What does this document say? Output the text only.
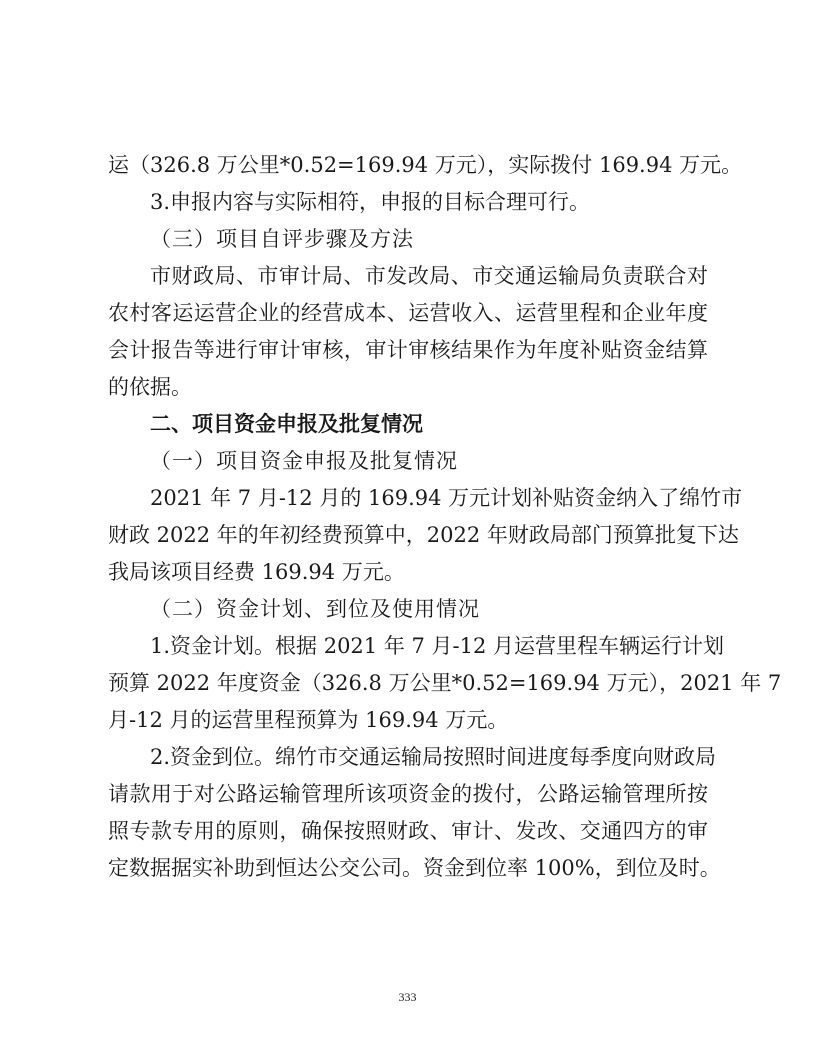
运（326.8 万公里*0.52=169.94 万元），实际拨付 169.94 万元。
3.申报内容与实际相符，申报的目标合理可行。
（三）项目自评步骤及方法
市财政局、市审计局、市发改局、市交通运输局负责联合对
农村客运运营企业的经营成本、运营收入、运营里程和企业年度
会计报告等进行审计审核，审计审核结果作为年度补贴资金结算
的依据。
二、项目资金申报及批复情况
（一）项目资金申报及批复情况
2021 年 7 月-12 月的 169.94 万元计划补贴资金纳入了绵竹市
财政 2022 年的年初经费预算中，2022 年财政局部门预算批复下达
我局该项目经费 169.94 万元。
（二）资金计划、到位及使用情况
1.资金计划。根据 2021 年 7 月-12 月运营里程车辆运行计划
预算 2022 年度资金（326.8 万公里*0.52=169.94 万元），2021 年 7
月-12 月的运营里程预算为 169.94 万元。
2.资金到位。绵竹市交通运输局按照时间进度每季度向财政局
请款用于对公路运输管理所该项资金的拨付，公路运输管理所按
照专款专用的原则，确保按照财政、审计、发改、交通四方的审
定数据据实补助到恒达公交公司。资金到位率 100%，到位及时。
333
